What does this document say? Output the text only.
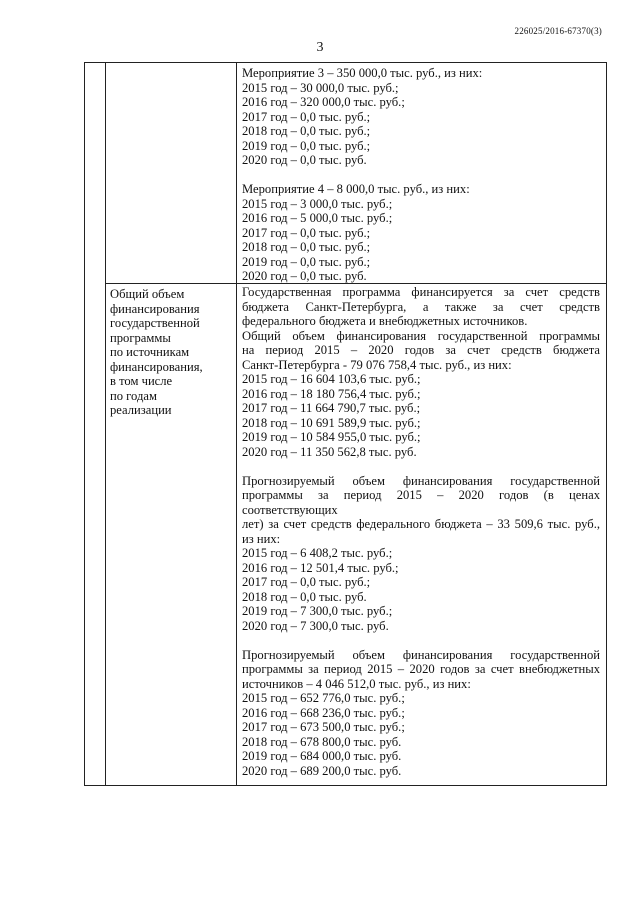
226025/2016-67370(3)
3
Мероприятие 3 – 350 000,0 тыс. руб., из них:
2015 год – 30 000,0 тыс. руб.;
2016 год – 320 000,0 тыс. руб.;
2017 год – 0,0 тыс. руб.;
2018 год – 0,0 тыс. руб.;
2019 год – 0,0 тыс. руб.;
2020 год – 0,0 тыс. руб.
Мероприятие 4 – 8 000,0 тыс. руб., из них:
2015 год – 3 000,0 тыс. руб.;
2016 год – 5 000,0 тыс. руб.;
2017 год – 0,0 тыс. руб.;
2018 год – 0,0 тыс. руб.;
2019 год – 0,0 тыс. руб.;
2020 год – 0,0 тыс. руб.
Общий объем
финансирования
государственной
программы
по источникам
финансирования,
в том числе
по годам
реализации
Государственная программа финансируется за счет средств
бюджета Санкт-Петербурга, а также за счет средств
федерального бюджета и внебюджетных источников.
Общий объем финансирования государственной программы
на период 2015 – 2020 годов за счет средств бюджета
Санкт-Петербурга - 79 076 758,4 тыс. руб., из них:
2015 год – 16 604 103,6 тыс. руб.;
2016 год – 18 180 756,4 тыс. руб.;
2017 год – 11 664 790,7 тыс. руб.;
2018 год – 10 691 589,9 тыс. руб.;
2019 год – 10 584 955,0 тыс. руб.;
2020 год – 11 350 562,8 тыс. руб.
Прогнозируемый объем финансирования государственной
программы за период 2015 – 2020 годов (в ценах соответствующих
лет) за счет средств федерального бюджета – 33 509,6 тыс. руб.,
из них:
2015 год – 6 408,2 тыс. руб.;
2016 год – 12 501,4 тыс. руб.;
2017 год – 0,0 тыс. руб.;
2018 год – 0,0 тыс. руб.
2019 год – 7 300,0 тыс. руб.;
2020 год – 7 300,0 тыс. руб.
Прогнозируемый объем финансирования государственной
программы за период 2015 – 2020 годов за счет внебюджетных
источников – 4 046 512,0 тыс. руб., из них:
2015 год – 652 776,0 тыс. руб.;
2016 год – 668 236,0 тыс. руб.;
2017 год – 673 500,0 тыс. руб.;
2018 год – 678 800,0 тыс. руб.
2019 год – 684 000,0 тыс. руб.
2020 год – 689 200,0 тыс. руб.
